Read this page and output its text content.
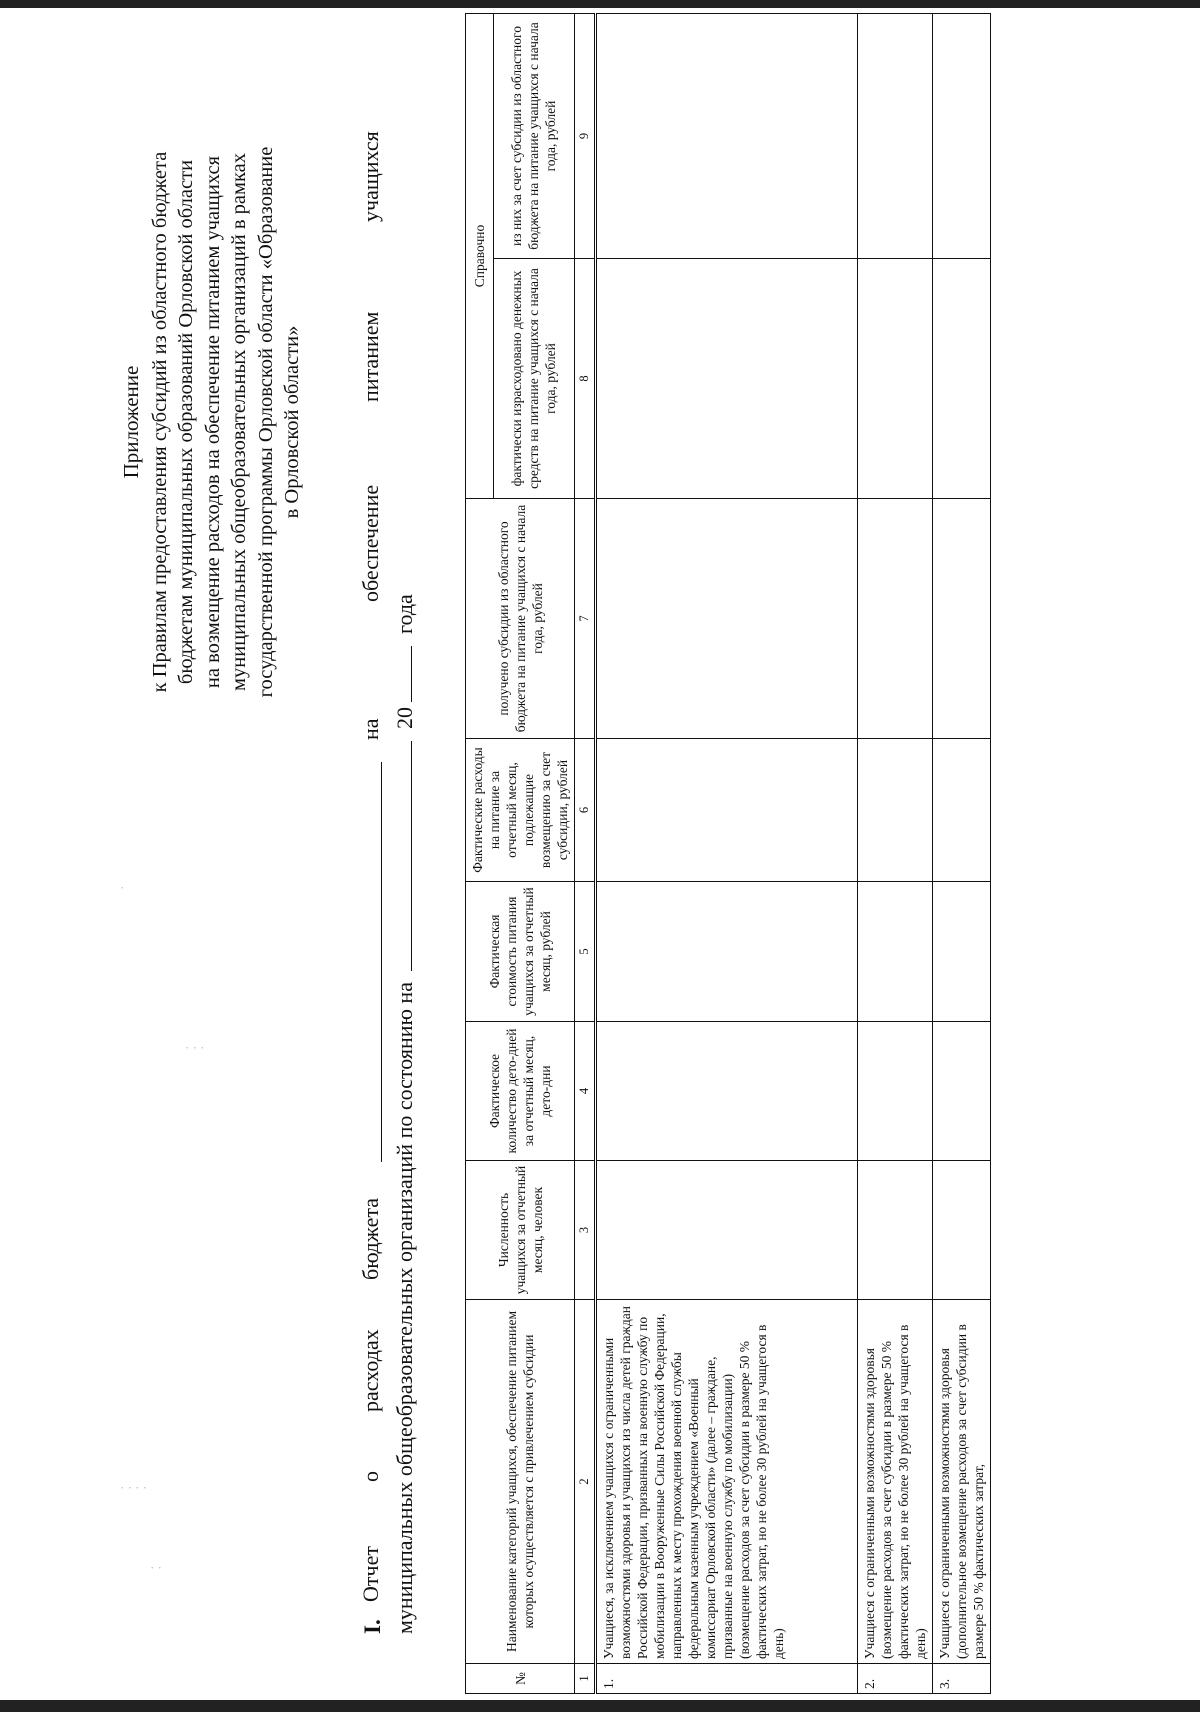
· · · ·
· ·
· · ·
·
Приложение к Правилам предоставления субсидий из областного бюджета бюджетам муниципальных образований Орловской области на возмещение расходов на обеспечение питанием учащихся муниципальных общеобразовательных организаций в рамках государственной программы Орловской области «Образование в Орловской области»
I.
Отчет
о
расходах
бюджета
на
обеспечение
питанием
учащихся
муниципальных общеобразовательных организаций по состоянию на  20  года
№	Наименование категорий учащихся, обеспечение питанием которых осуществляется с привлечением субсидии	Численность учащихся за отчетный месяц, человек	Фактическое количество дето-дней за отчетный месяц, дето-дни	Фактическая стоимость питания учащихся за отчетный месяц, рублей	Фактические расходы на питание за отчетный месяц, подлежащие возмещению за счет субсидии, рублей	получено субсидии из областного бюджета на питание учащихся с начала года, рублей	Справочно	
							фактически израсходовано денежных средств на питание учащихся с начала года, рублей	из них за счет субсидии из областного бюджета на питание учащихся с начала года, рублей
1	2	3	4	5	6	7	8	9
1.	Учащиеся, за исключением учащихся с ограниченными возможностями здоровья и учащихся из числа детей граждан Российской Федерации, призванных на военную службу по мобилизации в Вооруженные Силы Российской Федерации, направленных к месту прохождения военной службы федеральным казенным учреждением «Военный комиссариат Орловской области» (далее – граждане, призванные на военную службу по мобилизации) (возмещение расходов за счет субсидии в размере 50 % фактических затрат, но не более 30 рублей на учащегося в день)							
2.	Учащиеся с ограниченными возможностями здоровья (возмещение расходов за счет субсидии в размере 50 % фактических затрат, но не более 30 рублей на учащегося в день)							
3.	Учащиеся с ограниченными возможностями здоровья (дополнительное возмещение расходов за счет субсидии в размере 50 % фактических затрат,							
